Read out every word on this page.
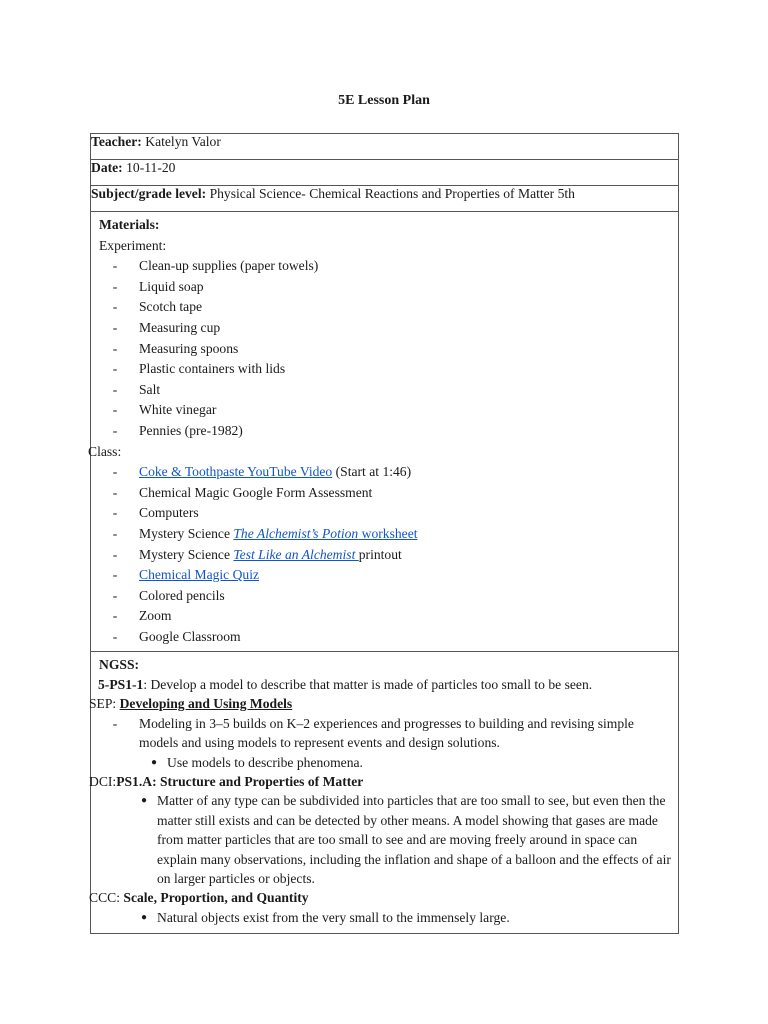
5E Lesson Plan
Teacher: Katelyn Valor
Date: 10-11-20
Subject/grade level: Physical Science- Chemical Reactions and Properties of Matter 5th

Materials:
Experiment:
-	Clean-up supplies (paper towels)
-	Liquid soap
-	Scotch tape
-	Measuring cup
-	Measuring spoons
-	Plastic containers with lids
-	Salt
-	White vinegar
-	Pennies (pre-1982)
Class:
-	Coke & Toothpaste YouTube Video (Start at 1:46)
-	Chemical Magic Google Form Assessment
-	Computers
-	Mystery Science The Alchemist’s Potion worksheet
-	Mystery Science Test Like an Alchemist printout
-	Chemical Magic Quiz
-	Colored pencils
-	Zoom
-	Google Classroom

NGSS:
5-PS1-1: Develop a model to describe that matter is made of particles too small to be seen.
SEP: Developing and Using Models
-	Modeling in 3–5 builds on K–2 experiences and progresses to building and revising simple models and using models to represent events and design solutions.
● Use models to describe phenomena.
DCI:PS1.A: Structure and Properties of Matter
● Matter of any type can be subdivided into particles that are too small to see, but even then the matter still exists and can be detected by other means. A model showing that gases are made from matter particles that are too small to see and are moving freely around in space can explain many observations, including the inflation and shape of a balloon and the effects of air on larger particles or objects.
CCC: Scale, Proportion, and Quantity
● Natural objects exist from the very small to the immensely large.
